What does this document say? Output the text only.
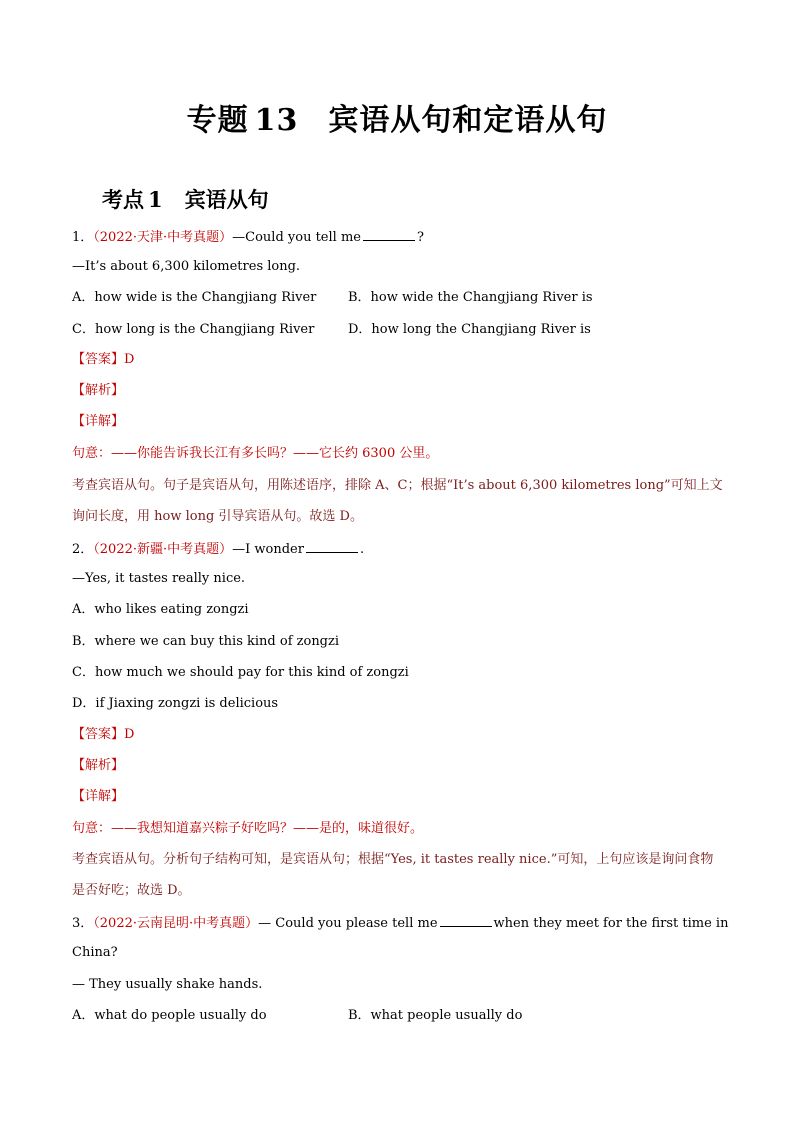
专题 13 宾语从句和定语从句
考点 1 宾语从句
1．（2022·天津·中考真题）—Could you tell me	?
—It’s about 6,300 kilometres long.
A．how wide is the Changjiang River B．how wide the Changjiang River is
C．how long is the Changjiang River	D．how long the Changjiang River is
【答案】D
【解析】
【详解】
句意：——你能告诉我长江有多长吗？——它长约 6300 公里。
考查宾语从句。句子是宾语从句，用陈述语序，排除 A、C；根据“It’s about 6,300 kilometres long”可知上文
询问长度，用 how long 引导宾语从句。故选 D。
2．（2022·新疆·中考真题）—I wonder	.
—Yes, it tastes really nice.
A．who likes eating zongzi
B．where we can buy this kind of zongzi
C．how much we should pay for this kind of zongzi
D．if Jiaxing zongzi is delicious
【答案】D
【解析】
【详解】
句意：——我想知道嘉兴粽子好吃吗？——是的，味道很好。
考查宾语从句。分析句子结构可知，是宾语从句；根据“Yes, it tastes really nice.”可知，上句应该是询问食物
是否好吃；故选 D。
3．（2022·云南昆明·中考真题）— Could you please tell me	when they meet for the first time in
China?
— They usually shake hands.
A．what do people usually do	B．what people usually do
